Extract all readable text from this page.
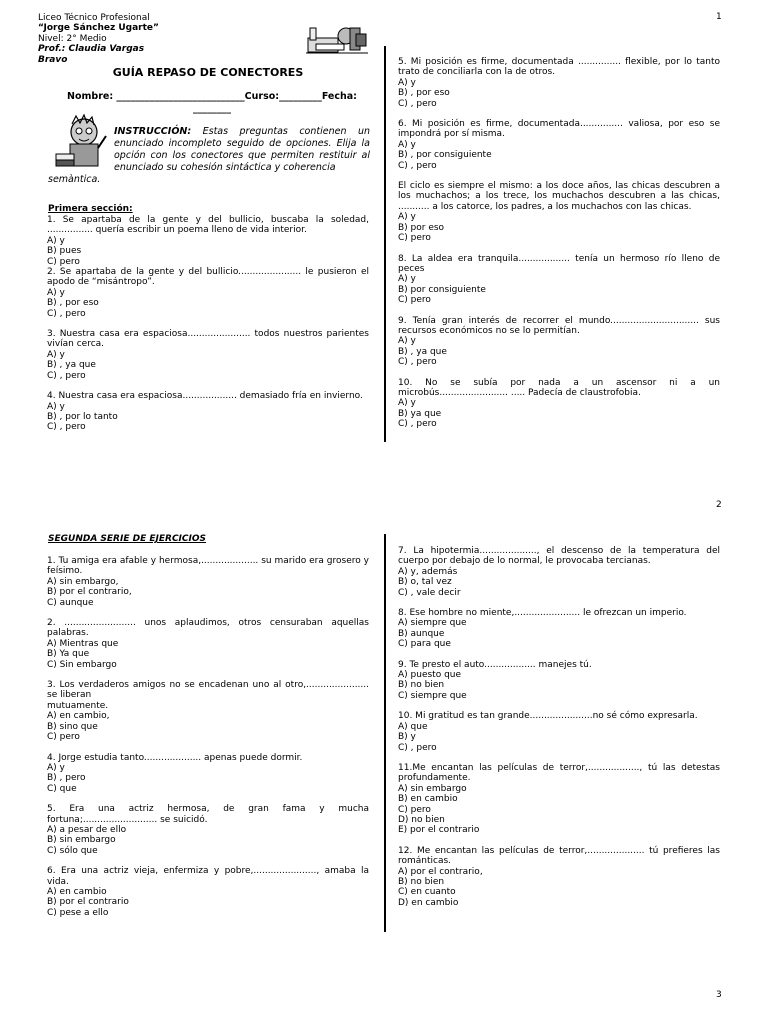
1
2
3
Liceo Técnico Profesional
“Jorge Sánchez Ugarte”
Nivel: 2° Medio
Prof.: Claudia Vargas
Bravo
GUÍA REPASO DE CONECTORES
Nombre: ___________________________Curso:_________Fecha:
________
INSTRUCCIÓN: Estas preguntas contienen un enunciado incompleto seguido de opciones. Elija la opción con los conectores que permiten restituir al enunciado su cohesión sintáctica y coherencia
semàntica.
Primera sección:

1. Se apartaba de la gente y del bullicio, buscaba la soledad, ................ quería escribir un poema lleno de vida interior.

A) y

B) pues

C) pero

2. Se apartaba de la gente y del bullicio...................... le pusieron el apodo de “misántropo”.

A) y

B) , por eso

C) , pero

3. Nuestra casa era espaciosa...................... todos nuestros parientes vivían cerca.

A) y

B) , ya que

C) , pero

4. Nuestra casa era espaciosa................... demasiado fría en invierno.

A) y

B) , por lo tanto

C) , pero

5. Mi posición es firme, documentada ............... flexible, por lo tanto trato de conciliarla con la de otros.

A) y

B) , por eso

C) , pero

6. Mi posición es firme, documentada............... valiosa, por eso se impondrá por sí misma.

A) y

B) , por consiguiente

C) , pero

El ciclo es siempre el mismo: a los doce años, las chicas descubren a los muchachos; a los trece, los muchachos descubren a las chicas, ........... a los catorce, los padres, a los muchachos con las chicas.

A) y

B) por eso

C) pero

8. La aldea era tranquila.................. tenía un hermoso río lleno de peces

A) y

B) por consiguiente

C) pero

9. Tenía gran interés de recorrer el mundo............................... sus recursos económicos no se lo permitían.

A) y

B) , ya que

C) , pero

10. No se subía por nada a un ascensor ni a un microbús........................ ..... Padecía de claustrofobia.

A) y

B) ya que

C) , pero

SEGUNDA SERIE DE EJERCICIOS

1. Tu amiga era afable y hermosa,.................... su marido era grosero y feísimo.

A) sin embargo,

B) por el contrario,

C) aunque

2. ......................... unos aplaudimos, otros censuraban aquellas palabras.

A) Mientras que

B) Ya que

C) Sin embargo

3. Los verdaderos amigos no se encadenan uno al otro,...................... se liberan

mutuamente.

A) en cambio,

B) sino que

C) pero

4. Jorge estudia tanto.................... apenas puede dormir.

A) y

B) , pero

C) que

5. Era una actriz hermosa, de gran fama y mucha fortuna;.......................... se suicidó.

A) a pesar de ello

B) sin embargo

C) sólo que

6. Era una actriz vieja, enfermiza y pobre,......................, amaba la vida.

A) en cambio

B) por el contrario

C) pese a ello

7. La hipotermia...................., el descenso de la temperatura del cuerpo por debajo de lo normal, le provocaba tercianas.

A) y, además

B) o, tal vez

C) , vale decir

8. Ese hombre no miente,....................... le ofrezcan un imperio.

A) siempre que

B) aunque

C) para que

9. Te presto el auto.................. manejes tú.

A) puesto que

B) no bien

C) siempre que

10. Mi gratitud es tan grande......................no sé cómo expresarla.

A) que

B) y

C) , pero

11.Me encantan las películas de terror,.................., tú las detestas profundamente.

A) sin embargo

B) en cambio

C) pero

D) no bien

E) por el contrario

12. Me encantan las películas de terror,.................... tú prefieres las románticas.

A) por el contrario,

B) no bien

C) en cuanto

D) en cambio
